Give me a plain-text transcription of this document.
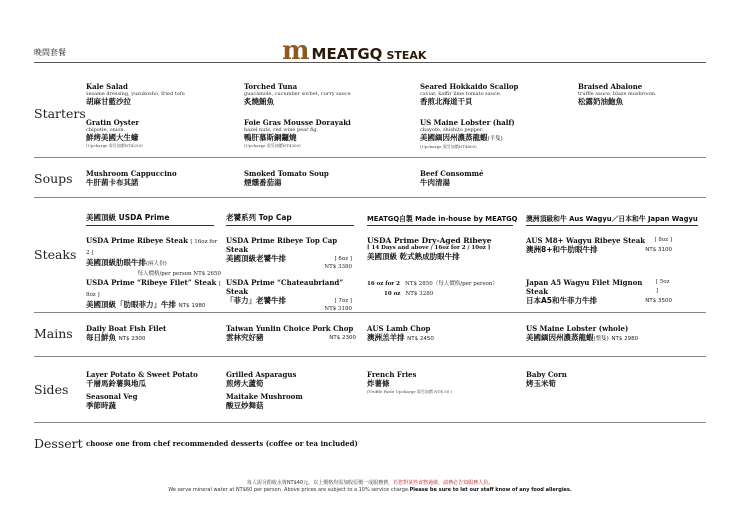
晚間套餐	m MEATGQ STEAK
Starters
Kale Salad
sesame dressing, yuzukosho, fried tofu
胡麻甘藍沙拉
Torched Tuna
guacamole, cucumber sorbet, curry sauce
炙燒鮪魚
Seared Hokkaido Scallop
caviar, kaffir lime tomato sauce.
香煎北海道干貝
Braised Abalone
truffle sauce, blaze mushroom.
松露奶油鮑魚
Gratin Oyster
chipotle, onion.
鮮烤美國大生蠔
(Upcharge 需另加價NT$250)
Foie Gras Mousse Dorayaki
hazel nuts, red wine pear fig.
鴨肝慕斯銅鑼燒
(Upcharge 需另加價NT$300)
US Maine Lobster (half)
chayote, shishito pepper.
美國緬因州濃蒸龍蝦(半隻)
(Upcharge 需另加價NT$600)
Soups Mushroom Cappuccino
牛肝菌卡布其諾
Smoked Tomato Soup
煙燻番茄湯
Beef Consommé
牛肉清湯
Steaks
美國頂級 USDA Prime
USDA Prime Ribeye Steak [ 16oz for 2 ]
美國頂級肋眼牛排(兩人份)
每人價格/per person NT$ 2650
USDA Prime “Ribeye Filet” Steak [ 8oz ]
美國頂級「肋眼菲力」牛排 NT$ 1980
老饕系列 Top Cap
USDA Prime Ribeye Top Cap Steak
美國頂級老饕牛排	[ 6oz ]
NT$ 3380
USDA Prime “Chateaubriand” Steak
「菲力」老饕牛排	[ 7oz ]
NT$ 3180
MEATGQ自製 Made in-house by MEATGQ
USDA Prime Dry-Aged Ribeye
[ 14 Days and above / 16oz for 2 / 10oz ]
美國頂級 乾式熟成肋眼牛排
16 oz for 2 NT$ 2850（每人價格/per person）
10 oz NT$ 3280
澳洲頂級和牛 Aus Wagyu／日本和牛 Japan Wagyu
AUS M8+ Wagyu Ribeye Steak [ 8oz ]
澳洲8+和牛肋眼牛排	NT$ 3100
Japan A5 Wagyu Filet Mignon Steak
[ 5oz ]
日本A5和牛菲力牛排	NT$ 3500
Mains Daily Boat Fish Filet
每日鮮魚 NT$ 2300
Taiwan Yunlin Choice Pork Chop
雲林究好豬	NT$ 2300
AUS Lamb Chop
澳洲羔羊排 NT$ 2450
US Maine Lobster (whole)
美國緬因州濃蒸龍蝦(整隻) NT$ 2980
Sides
Layer Potato & Sweet Potato
千層馬鈴薯與地瓜
Seasonal Veg
季節時蔬
Grilled Asparagus
煎烤大蘆筍
Maitake Mushroom
酸豆炒舞菇
French Fries
炸薯條
(Truffle Paste Upcharge 需另加價 NT$ 50 )
Baby Corn
烤玉米筍
Dessert choose one from chef recommended desserts (coffee or tea included)
每人需另酌收水資NT$40元，以上價格均需加收原價一成服務費，若您對某些食物過敏，請務必告知服務人員。
We serve mineral water at NT$60 per person. Above prices are subject to a 10% service charge.Please be sure to let our staff know of any food allergies.
